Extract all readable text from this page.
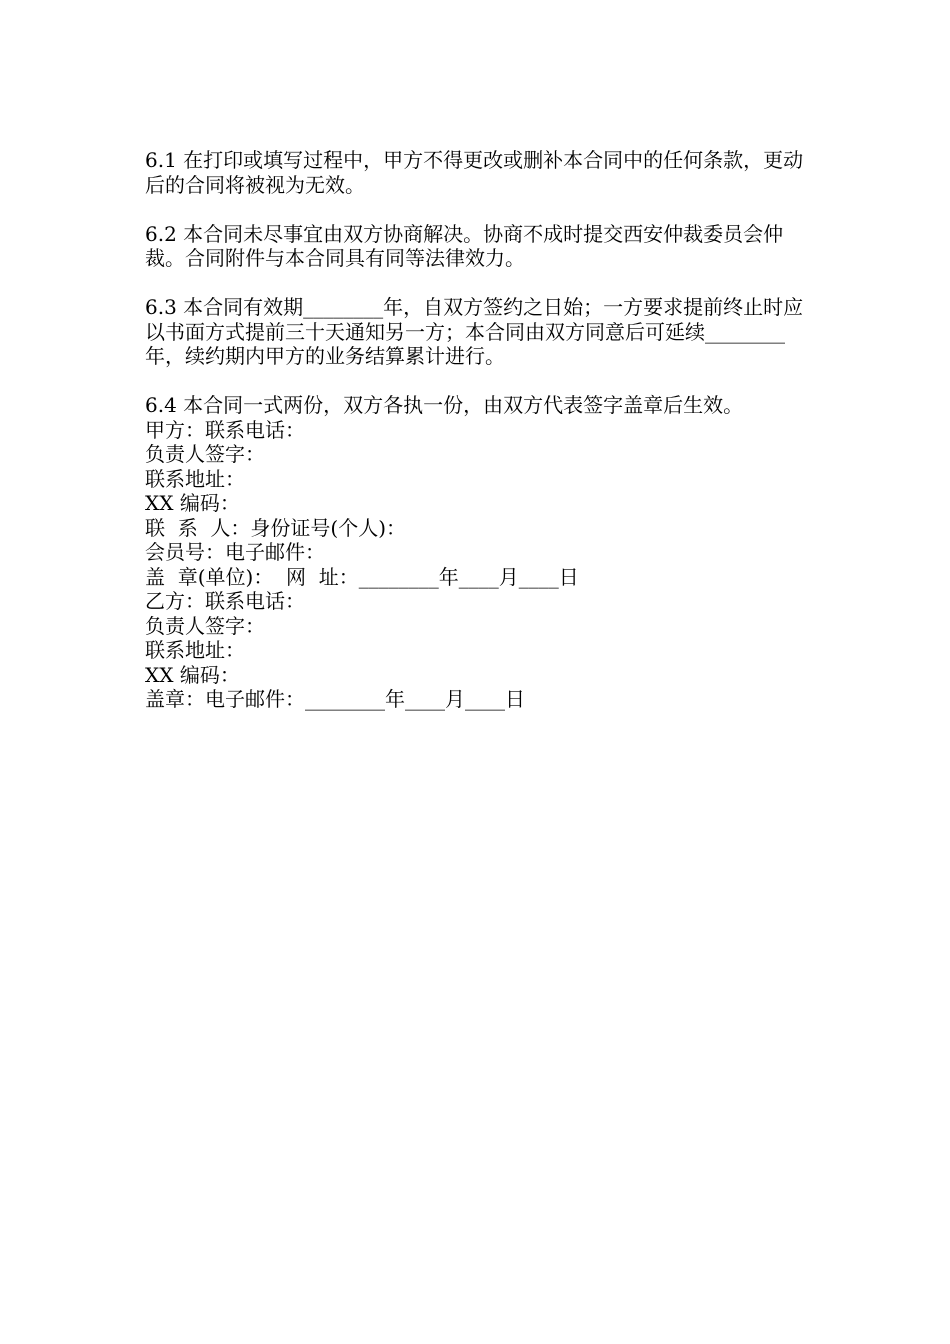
6.1 在打印或填写过程中，甲方不得更改或删补本合同中的任何条款，更动后的合同将被视为无效。

6.2 本合同未尽事宜由双方协商解决。协商不成时提交西安仲裁委员会仲裁。合同附件与本合同具有同等法律效力。

6.3 本合同有效期________年，自双方签约之日始；一方要求提前终止时应以书面方式提前三十天通知另一方；本合同由双方同意后可延续________年，续约期内甲方的业务结算累计进行。

6.4 本合同一式两份，双方各执一份，由双方代表签字盖章后生效。

甲方：联系电话：

负责人签字：

联系地址：

XX 编码：

联  系  人：身份证号(个人)：

会员号：电子邮件：

盖  章(单位)：  网  址：________年____月____日

乙方：联系电话：

负责人签字：

联系地址：

XX 编码：

盖章：电子邮件：________年____月____日
